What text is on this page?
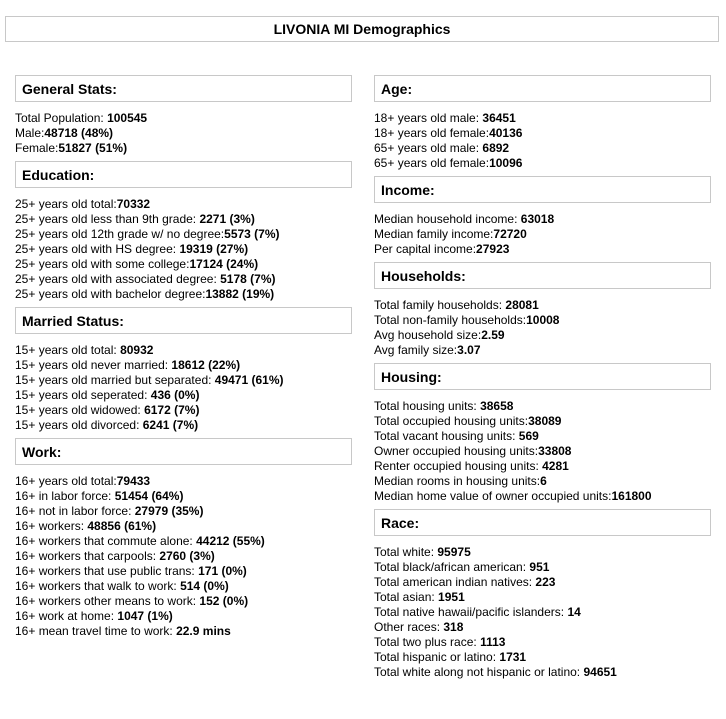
LIVONIA MI Demographics
General Stats:
Total Population: 100545
Male:48718 (48%)
Female:51827 (51%)
Education:
25+ years old total:70332
25+ years old less than 9th grade: 2271 (3%)
25+ years old 12th grade w/ no degree:5573 (7%)
25+ years old with HS degree: 19319 (27%)
25+ years old with some college:17124 (24%)
25+ years old with associated degree: 5178 (7%)
25+ years old with bachelor degree:13882 (19%)
Married Status:
15+ years old total: 80932
15+ years old never married: 18612 (22%)
15+ years old married but separated: 49471 (61%)
15+ years old seperated: 436 (0%)
15+ years old widowed: 6172 (7%)
15+ years old divorced: 6241 (7%)
Work:
16+ years old total:79433
16+ in labor force: 51454 (64%)
16+ not in labor force: 27979 (35%)
16+ workers: 48856 (61%)
16+ workers that commute alone: 44212 (55%)
16+ workers that carpools: 2760 (3%)
16+ workers that use public trans: 171 (0%)
16+ workers that walk to work: 514 (0%)
16+ workers other means to work: 152 (0%)
16+ work at home: 1047 (1%)
16+ mean travel time to work: 22.9 mins
Age:
18+ years old male: 36451
18+ years old female:40136
65+ years old male: 6892
65+ years old female:10096
Income:
Median household income: 63018
Median family income:72720
Per capital income:27923
Households:
Total family households: 28081
Total non-family households:10008
Avg household size:2.59
Avg family size:3.07
Housing:
Total housing units: 38658
Total occupied housing units:38089
Total vacant housing units: 569
Owner occupied housing units:33808
Renter occupied housing units: 4281
Median rooms in housing units:6
Median home value of owner occupied units:161800
Race:
Total white: 95975
Total black/african american: 951
Total american indian natives: 223
Total asian: 1951
Total native hawaii/pacific islanders: 14
Other races: 318
Total two plus race: 1113
Total hispanic or latino: 1731
Total white along not hispanic or latino: 94651
